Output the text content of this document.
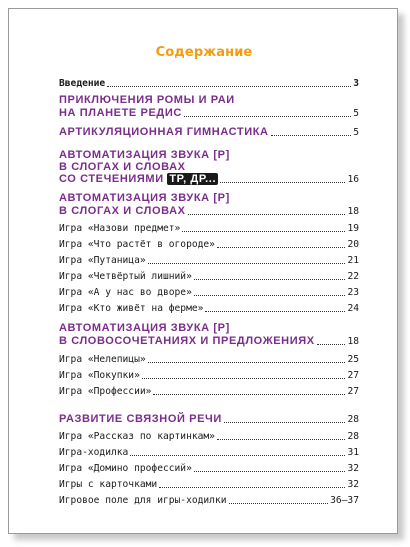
Содержание
Введение	3
ПРИКЛЮЧЕНИЯ РОМЫ И РАИ
НА ПЛАНЕТЕ РЕДИС	5
АРТИКУЛЯЦИОННАЯ ГИМНАСТИКА	5
АВТОМАТИЗАЦИЯ ЗВУКА [Р]
В СЛОГАХ И СЛОВАХ
СО СТЕЧЕНИЯМИ ТР, ДР...	16
АВТОМАТИЗАЦИЯ ЗВУКА [Р]
В СЛОГАХ И СЛОВАХ	18
Игра «Назови предмет»	19
Игра «Что растёт в огороде»	20
Игра «Путаница»	21
Игра «Четвёртый лишний»	22
Игра «А у нас во дворе»	23
Игра «Кто живёт на ферме»	24
АВТОМАТИЗАЦИЯ ЗВУКА [Р]
В СЛОВОСОЧЕТАНИЯХ И ПРЕДЛОЖЕНИЯХ	18
Игра «Нелепицы»	25
Игра «Покупки»	27
Игра «Профессии»	27
РАЗВИТИЕ СВЯЗНОЙ РЕЧИ	28
Игра «Рассказ по картинкам»	28
Игра-ходилка	31
Игра «Домино профессий»	32
Игры с карточками	32
Игровое поле для игры-ходилки	36—37
